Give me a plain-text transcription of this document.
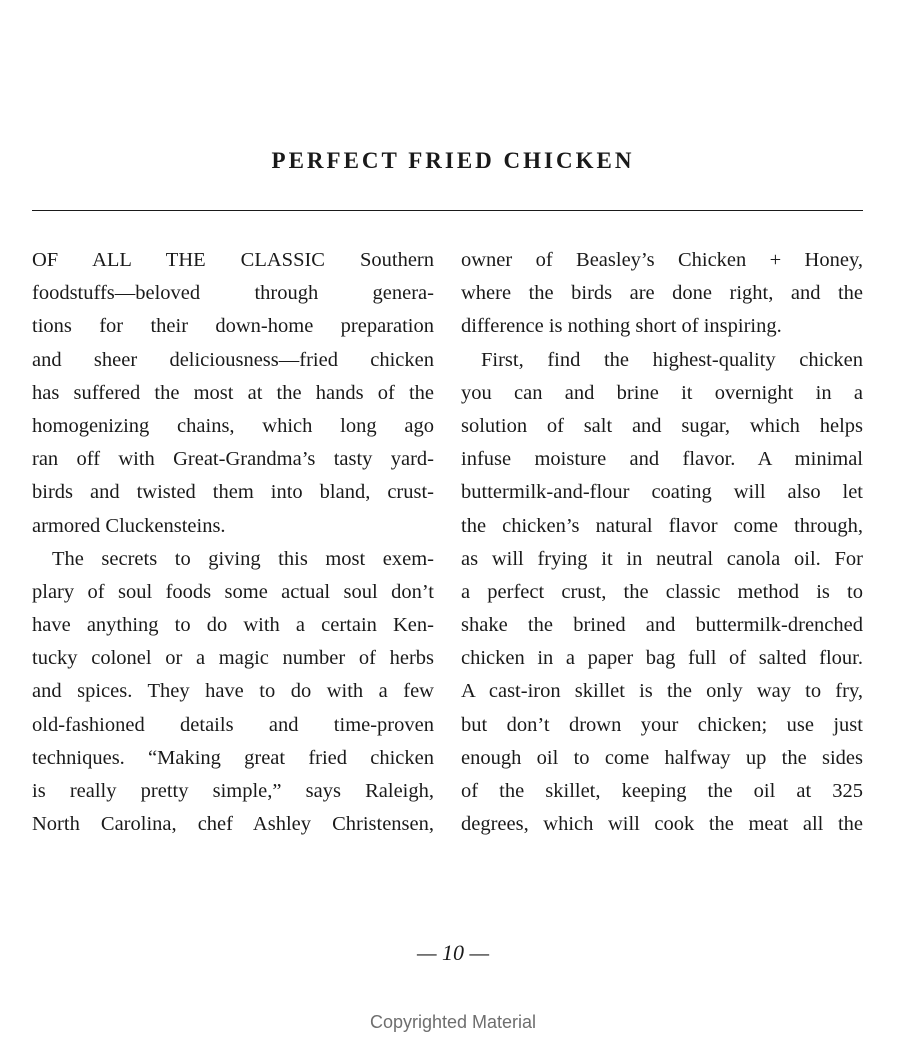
PERFECT FRIED CHICKEN
OF ALL THE CLASSIC Southern
foodstuffs—beloved through genera-
tions for their down-home preparation
and sheer deliciousness—fried chicken
has suffered the most at the hands of the
homogenizing chains, which long ago
ran off with Great-Grandma’s tasty yard-
birds and twisted them into bland, crust-
armored Cluckensteins.
The secrets to giving this most exem-
plary of soul foods some actual soul don’t
have anything to do with a certain Ken-
tucky colonel or a magic number of herbs
and spices. They have to do with a few
old-fashioned details and time-proven
techniques. “Making great fried chicken
is really pretty simple,” says Raleigh,
North Carolina, chef Ashley Christensen,
owner of Beasley’s Chicken + Honey,
where the birds are done right, and the
difference is nothing short of inspiring.
First, find the highest-quality chicken
you can and brine it overnight in a
solution of salt and sugar, which helps
infuse moisture and flavor. A minimal
buttermilk-and-flour coating will also let
the chicken’s natural flavor come through,
as will frying it in neutral canola oil. For
a perfect crust, the classic method is to
shake the brined and buttermilk-drenched
chicken in a paper bag full of salted flour.
A cast-iron skillet is the only way to fry,
but don’t drown your chicken; use just
enough oil to come halfway up the sides
of the skillet, keeping the oil at 325
degrees, which will cook the meat all the
— 10 —
Copyrighted Material
